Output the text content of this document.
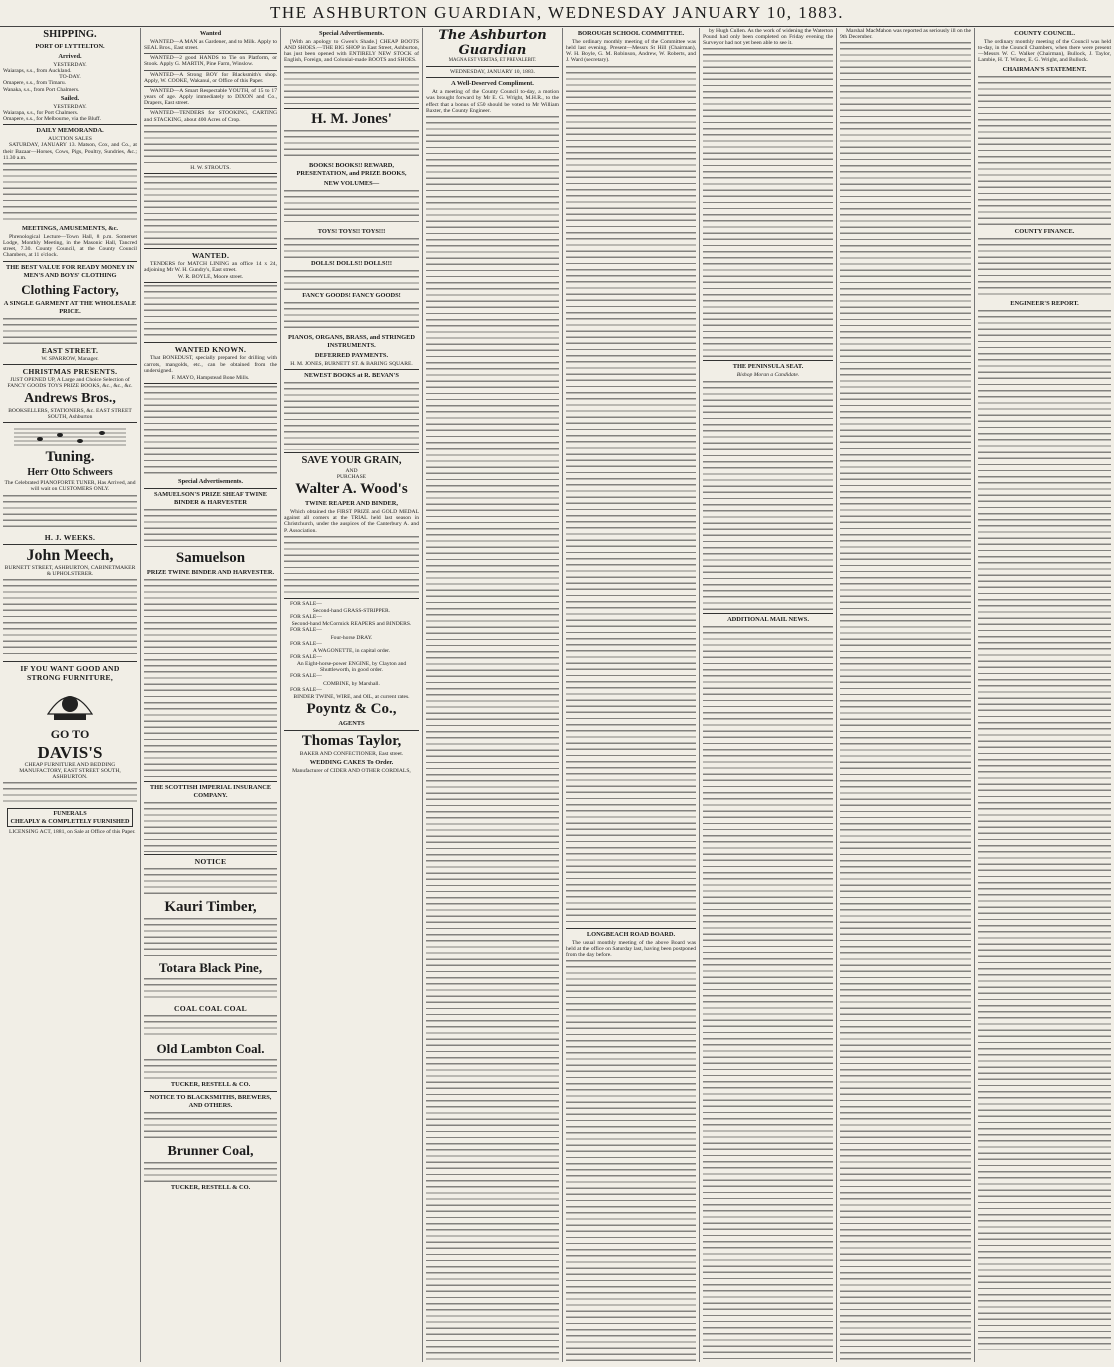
THE ASHBURTON GUARDIAN, WEDNESDAY JANUARY 10, 1883.
SHIPPING.
PORT OF LYTTELTON.
Arrived.
YESTERDAY.
Waiaraps, s.s., from Auckland.
TO-DAY.
Omapere, s.s., from Timaru.
Wanaka, s.s., from Port Chalmers.
Sailed.
YESTERDAY.
Waiarapa, s.s., for Port Chalmers.
Omapere, s.s., for Melbourne, via the Bluff.
DAILY MEMORANDA.
AUCTION SALES
SATURDAY, JANUARY 13. Matson, Cox, and Co., at their Bazaar—Horses, Cows, Pigs, Poultry, Sundries, &c.; 11.30 a.m.
MEETINGS, AMUSEMENTS, &c.
Phrenological Lecture—Town Hall, 8 p.m. Somerset Lodge, Monthly Meeting, in the Masonic Hall, Tancred street, 7.30. County Council, at the County Council Chambers, at 11 o'clock.
THE BEST VALUE FOR READY MONEY IN MEN'S AND BOYS' CLOTHING
Clothing Factory,
A SINGLE GARMENT AT THE WHOLESALE PRICE.
EAST STREET.
W. SPARROW, Manager.
CHRISTMAS PRESENTS.
JUST OPENED UP, A Large and Choice Selection of FANCY GOODS TOYS PRIZE BOOKS, &c., &c., &c.
Andrews Bros.,
BOOKSELLERS, STATIONERS, &c. EAST STREET SOUTH, Ashburton
Tuning.
Herr Otto Schweers
The Celebrated PIANOFORTE TUNER, Has Arrived, and will wait on CUSTOMERS ONLY.
H. J. WEEKS.
John Meech,
BURNETT STREET, ASHBURTON, CABINETMAKER & UPHOLSTERER.
IF YOU WANT GOOD AND STRONG FURNITURE,
GO TO
DAVIS'S
CHEAP FURNITURE AND BEDDING MANUFACTORY, EAST STREET SOUTH, ASHBURTON.
FUNERALS
CHEAPLY & COMPLETELY FURNISHED
LICENSING ACT, 1881, on Sale at Office of this Paper.
Wanted
WANTED—A MAN as Gardener, and to Milk. Apply to SEAL Bros., East street.
WANTED—2 good HANDS to Tie on Platform, or Stook. Apply G. MARTIN, Pine Farm, Winslow.
WANTED—A Strong BOY for Blacksmith's shop. Apply, W. COOKE, Wakanui, or Office of this Paper.
WANTED—A Smart Respectable YOUTH, of 15 to 17 years of age. Apply immediately to DIXON and Co., Drapers, East street.
WANTED—TENDERS for STOOKING, CARTING and STACKING, about 400 Acres of Crop.
H. W. STROUTS.
WANTED.
TENDERS for MATCH LINING an office 14 x 24, adjoining Mr W. H. Gundry's, East street.
W. R. BOYLE, Moore street.
WANTED KNOWN.
That BONEDUST, specially prepared for drilling with carrots, mangolds, etc., can be obtained from the undersigned.
F. MAYO, Hampstead Bone Mills.
Special Advertisements.
SAMUELSON'S PRIZE SHEAF TWINE BINDER & HARVESTER
Samuelson
PRIZE TWINE BINDER AND HARVESTER.
THE SCOTTISH IMPERIAL INSURANCE COMPANY.
NOTICE
Kauri Timber,
Totara Black Pine,
COAL COAL COAL
Old Lambton Coal.
TUCKER, RESTELL & CO.
NOTICE TO BLACKSMITHS, BREWERS, AND OTHERS.
Brunner Coal,
TUCKER, RESTELL & CO.
Special Advertisements.
[With an apology to Gwen's Shade.] CHEAP BOOTS AND SHOES.—THE BIG SHOP in East Street, Ashburton, has just been opened with ENTIRELY NEW STOCK of English, Foreign, and Colonial-made BOOTS and SHOES.
H. M. Jones'
BOOKS! BOOKS!! REWARD, PRESENTATION, and PRIZE BOOKS,
NEW VOLUMES—
TOYS! TOYS!! TOYS!!!
DOLLS! DOLLS!! DOLLS!!!
FANCY GOODS! FANCY GOODS!
PIANOS, ORGANS, BRASS, and STRINGED INSTRUMENTS.
DEFERRED PAYMENTS.
H. M. JONES, BURNETT ST. & BARING SQUARE.
NEWEST BOOKS at R. BEVAN'S
SAVE YOUR GRAIN,
AND
PURCHASE
Walter A. Wood's
TWINE REAPER AND BINDER,
Which obtained the FIRST PRIZE and GOLD MEDAL against all comers at the TRIAL held last season in Christchurch, under the auspices of the Canterbury A. and P. Association.
FOR SALE—
Second-hand GRASS-STRIPPER.
FOR SALE—
Second-hand McCormick REAPERS and BINDERS.
FOR SALE—
Four-horse DRAY.
FOR SALE—
A WAGONETTE, in capital order.
FOR SALE—
An Eight-horse-power ENGINE, by Clayton and Shuttleworth, in good order.
FOR SALE—
COMBINE, by Marshall.
FOR SALE—
BINDER TWINE, WIRE, and OIL, at current rates.
Poyntz & Co.,
AGENTS
Thomas Taylor,
BAKER AND CONFECTIONER, East street.
WEDDING CAKES To Order.
Manufacturer of CIDER AND OTHER CORDIALS,
The Ashburton Guardian
MAGNA EST VERITAS, ET PREVALEBIT.
WEDNESDAY, JANUARY 10, 1883.
A Well-Deserved Compliment.
At a meeting of the County Council to-day, a motion was brought forward by Mr E. G. Wright, M.H.R., to the effect that a bonus of £50 should be voted to Mr William Baxter, the County Engineer.
BOROUGH SCHOOL COMMITTEE.
The ordinary monthly meeting of the Committee was held last evening. Present—Messrs St Hill (Chairman), W. H. Boyle, G. M. Robinson, Andrew, W. Roberts, and J. Ward (secretary).
LONGBEACH ROAD BOARD.
The usual monthly meeting of the above Board was held at the office on Saturday last, having been postponed from the day before.
by Hugh Cullen. As the work of widening the Waterton Pound had only been completed on Friday evening the Surveyor had not yet been able to see it.
THE PENINSULA SEAT.
Bishop Moran a Candidate.
ADDITIONAL MAIL NEWS.
Marshal MacMahon was reported as seriously ill on the 9th December.
COUNTY COUNCIL.
The ordinary monthly meeting of the Council was held to-day, in the Council Chambers, when there were present—Messrs W. C. Walker (Chairman), Bullock, J. Taylor, Lambie, H. T. Winter, E. G. Wright, and Bullock.
CHAIRMAN'S STATEMENT.
COUNTY FINANCE.
ENGINEER'S REPORT.
